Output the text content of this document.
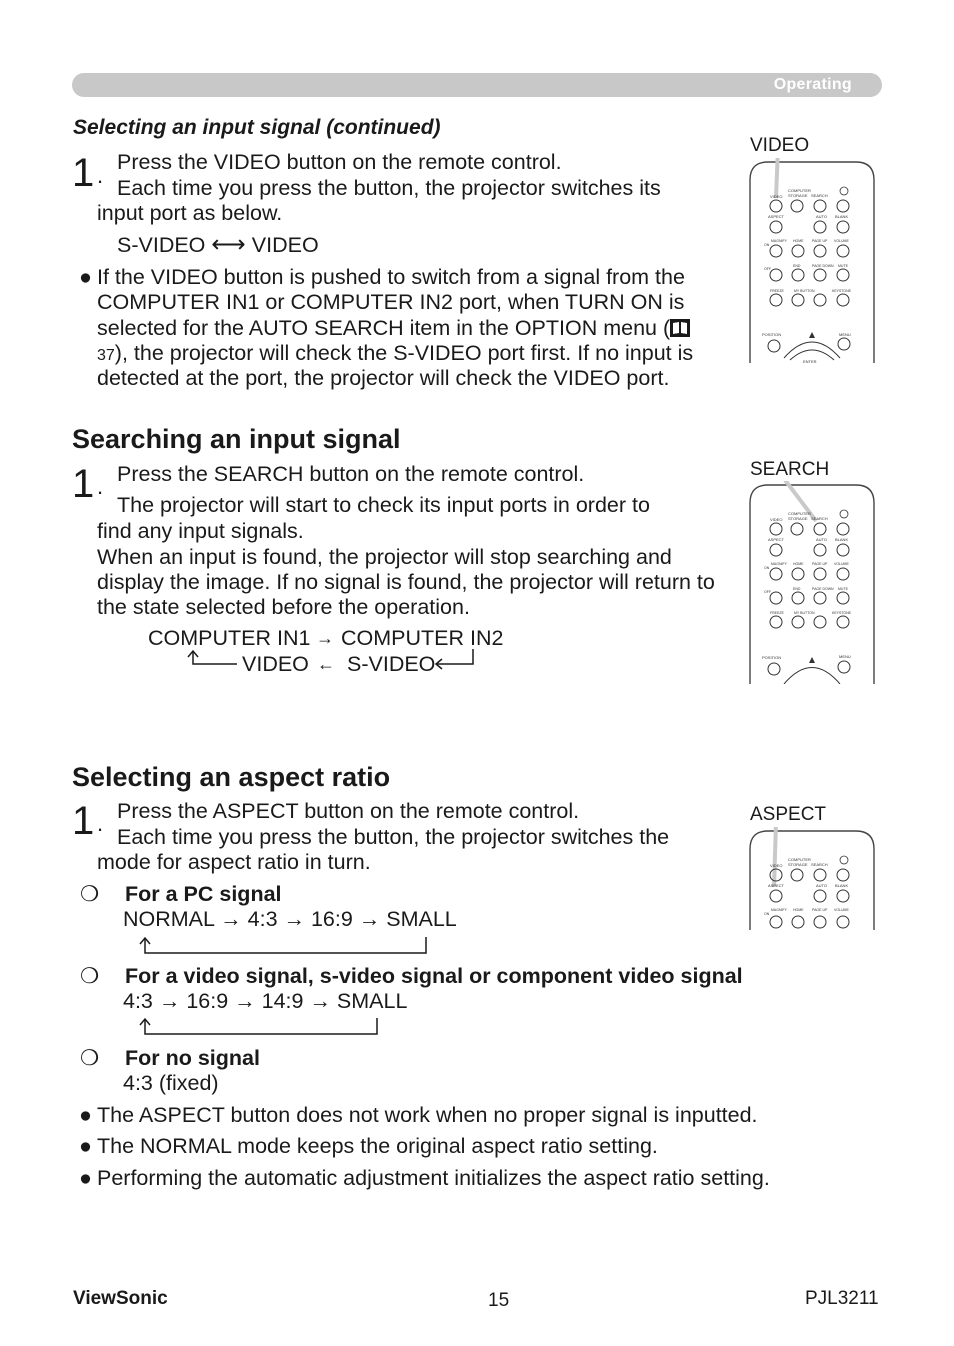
Operating
Selecting an input signal (continued)
1 .
Press the VIDEO button on the remote control.
Each time you press the button, the projector switches its
input port as below.
S-VIDEO ⟷ VIDEO
● If the VIDEO button is pushed to switch from a signal from the
COMPUTER IN1 or COMPUTER IN2 port, when TURN ON is
selected for the AUTO SEARCH item in the OPTION menu (
37), the projector will check the S-VIDEO port first. If no input is
detected at the port, the projector will check the VIDEO port.
VIDEO
Searching an input signal
1 . Press the SEARCH button on the remote control.
The projector will start to check its input ports in order to
find any input signals.
When an input is found, the projector will stop searching and
display the image. If no signal is found, the projector will return to
the state selected before the operation.
COMPUTER IN1 → COMPUTER IN2
VIDEO ← S-VIDEO
SEARCH
Selecting an aspect ratio
1 . Press the ASPECT button on the remote control.
Each time you press the button, the projector switches the
mode for aspect ratio in turn.
❍ For a PC signal
NORMAL → 4:3 → 16:9 → SMALL
❍ For a video signal, s-video signal or component video signal
4:3 → 16:9 → 14:9 → SMALL
❍ For no signal
4:3 (fixed)
● The ASPECT button does not work when no proper signal is inputted.
● The NORMAL mode keeps the original aspect ratio setting.
● Performing the automatic adjustment initializes the aspect ratio setting.
ASPECT
VIDEO
COMPUTER
STORAGE SEARCH
ASPECT	AUTO BLANK
MAGNIFY HOME PAGE UP VOLUME
ON
END	PAGE DOWN MUTE
OFF
FREEZE	MY BUTTON	KEYSTONE
POSITION	MENU
ENTER
VIDEO
COMPUTER
STORAGE SEARCH
ASPECT	AUTO BLANK
MAGNIFY HOME PAGE UP VOLUME
ON
END	PAGE DOWN MUTE
OFF
FREEZE	MY BUTTON	KEYSTONE
POSITION	MENU
VIDEO
COMPUTER
STORAGE SEARCH
ASPECT	AUTO BLANK
MAGNIFY HOME PAGE UP VOLUME
ON
ViewSonic	15	PJL3211
